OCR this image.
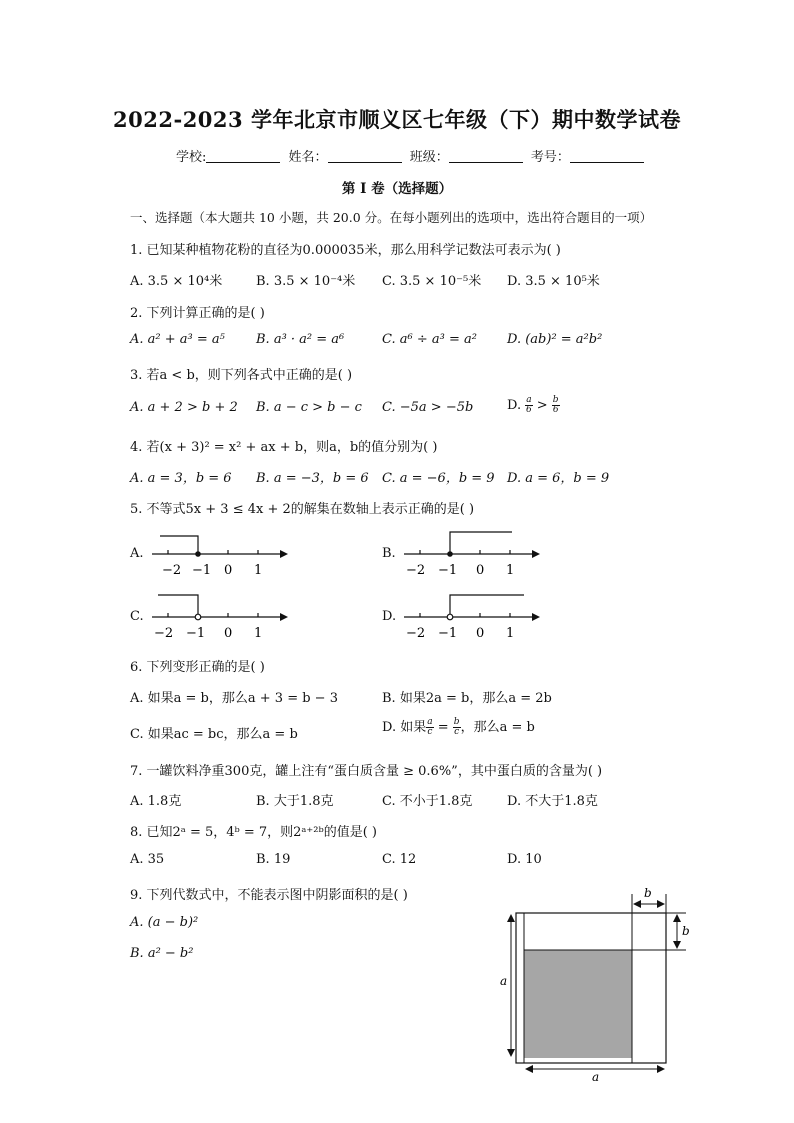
2022-2023 学年北京市顺义区七年级（下）期中数学试卷
学校:	姓名：	班级：	考号：
第 I 卷（选择题）
一、选择题（本大题共 10 小题，共 20.0 分。在每小题列出的选项中，选出符合题目的一项）
1. 已知某种植物花粉的直径为0.000035米，那么用科学记数法可表示为( )
A. 3.5 × 10⁴米	B. 3.5 × 10⁻⁴米 C. 3.5 × 10⁻⁵米 D. 3.5 × 10⁵米
2. 下列计算正确的是( )
A. a² + a³ = a⁵ B. a³ · a² = a⁶	C. a⁶ ÷ a³ = a² D. (ab)² = a²b²
3. 若a < b，则下列各式中正确的是( )
A. a + 2 > b + 2 B. a − c > b − c C. −5a > −5b	D. $\frac{a}{6} > \frac{b}{6}$
4. 若(x + 3)² = x² + ax + b，则a，b的值分别为( )
A. a = 3，b = 6 B. a = −3，b = 6 C. a = −6，b = 9 D. a = 6，b = 9
5. 不等式5x + 3 ≤ 4x + 2的解集在数轴上表示正确的是( )
A.	B.
C.	D.
−2 −1 0 1	−2 −1 0 1
−2 −1 0 1	−2 −1 0 1
6. 下列变形正确的是( )
A. 如果a = b，那么a + 3 = b − 3	B. 如果2a = b，那么a = 2b
C. 如果ac = bc，那么a = b	D. 如果 $\frac{a}{c} = \frac{b}{c}$ ，那么a = b
7. 一罐饮料净重300克，罐上注有“蛋白质含量 ≥ 0.6%”，其中蛋白质的含量为( )
A. 1.8克	B. 大于1.8克	C. 不小于1.8克	D. 不大于1.8克
8. 已知2ᵃ = 5，4ᵇ = 7，则2ᵃ⁺²ᵇ的值是( )
A. 35	B. 19	C. 12	D. 10
9. 下列代数式中，不能表示图中阴影面积的是( )
A. (a − b)²
B. a² − b²
b
b
a
a
